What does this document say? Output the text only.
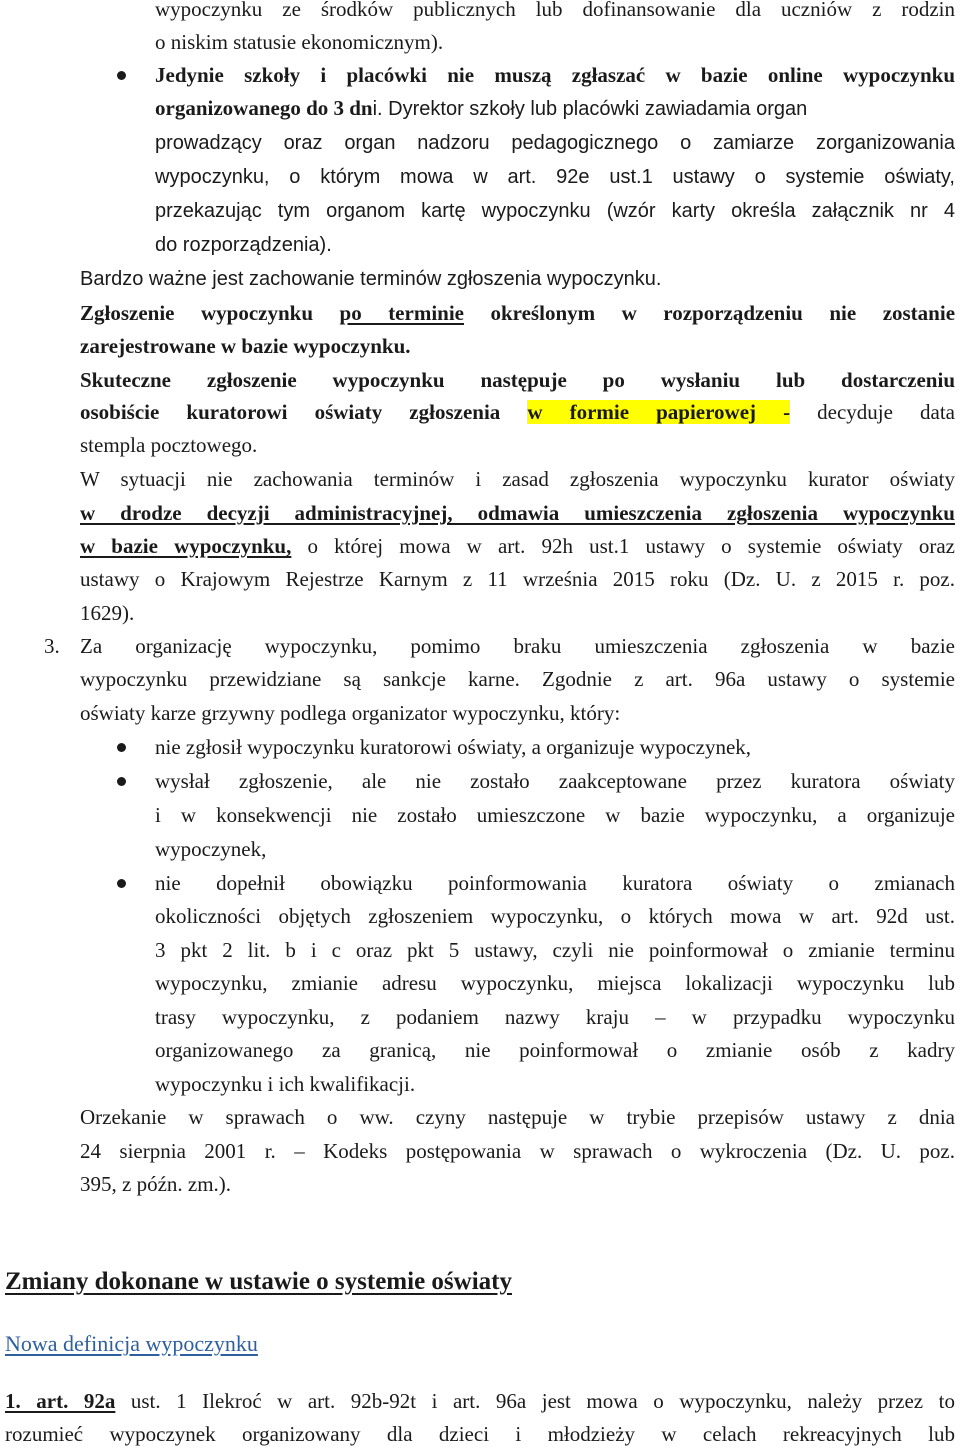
wypoczynku ze środków publicznych lub dofinansowanie dla uczniów z rodzin
o niskim statusie ekonomicznym).
Jedynie szkoły i placówki nie muszą zgłaszać w bazie online wypoczynku
organizowanego do 3 dni. Dyrektor szkoły lub placówki zawiadamia organ
prowadzący oraz organ nadzoru pedagogicznego o zamiarze zorganizowania
wypoczynku, o którym mowa w art. 92e ust.1 ustawy o systemie oświaty,
przekazując tym organom kartę wypoczynku (wzór karty określa załącznik nr 4
do rozporządzenia).
Bardzo ważne jest zachowanie terminów zgłoszenia wypoczynku.
Zgłoszenie wypoczynku po terminie określonym w rozporządzeniu nie zostanie
zarejestrowane w bazie wypoczynku.
Skuteczne zgłoszenie wypoczynku następuje po wysłaniu lub dostarczeniu
osobiście kuratorowi oświaty zgłoszenia w formie papierowej - decyduje data
stempla pocztowego.
W sytuacji nie zachowania terminów i zasad zgłoszenia wypoczynku kurator oświaty
w drodze decyzji administracyjnej, odmawia umieszczenia zgłoszenia wypoczynku
w bazie wypoczynku, o której mowa w art. 92h ust.1 ustawy o systemie oświaty oraz
ustawy o Krajowym Rejestrze Karnym z 11 września 2015 roku (Dz. U. z 2015 r. poz.
1629).
3. Za organizację wypoczynku, pomimo braku umieszczenia zgłoszenia w bazie
wypoczynku przewidziane są sankcje karne. Zgodnie z art. 96a ustawy o systemie
oświaty karze grzywny podlega organizator wypoczynku, który:
nie zgłosił wypoczynku kuratorowi oświaty, a organizuje wypoczynek,
wysłał zgłoszenie, ale nie zostało zaakceptowane przez kuratora oświaty
i w konsekwencji nie zostało umieszczone w bazie wypoczynku, a organizuje
wypoczynek,
nie dopełnił obowiązku poinformowania kuratora oświaty o zmianach
okoliczności objętych zgłoszeniem wypoczynku, o których mowa w art. 92d ust.
3 pkt 2 lit. b i c oraz pkt 5 ustawy, czyli nie poinformował o zmianie terminu
wypoczynku, zmianie adresu wypoczynku, miejsca lokalizacji wypoczynku lub
trasy wypoczynku, z podaniem nazwy kraju – w przypadku wypoczynku
organizowanego za granicą, nie poinformował o zmianie osób z kadry
wypoczynku i ich kwalifikacji.
Orzekanie w sprawach o ww. czyny następuje w trybie przepisów ustawy z dnia
24 sierpnia 2001 r. – Kodeks postępowania w sprawach o wykroczenia (Dz. U. poz.
395, z późn. zm.).
Zmiany dokonane w ustawie o systemie oświaty
Nowa definicja wypoczynku
1. art. 92a ust. 1 Ilekroć w art. 92b-92t i art. 96a jest mowa o wypoczynku, należy przez to
rozumieć wypoczynek organizowany dla dzieci i młodzieży w celach rekreacyjnych lub
